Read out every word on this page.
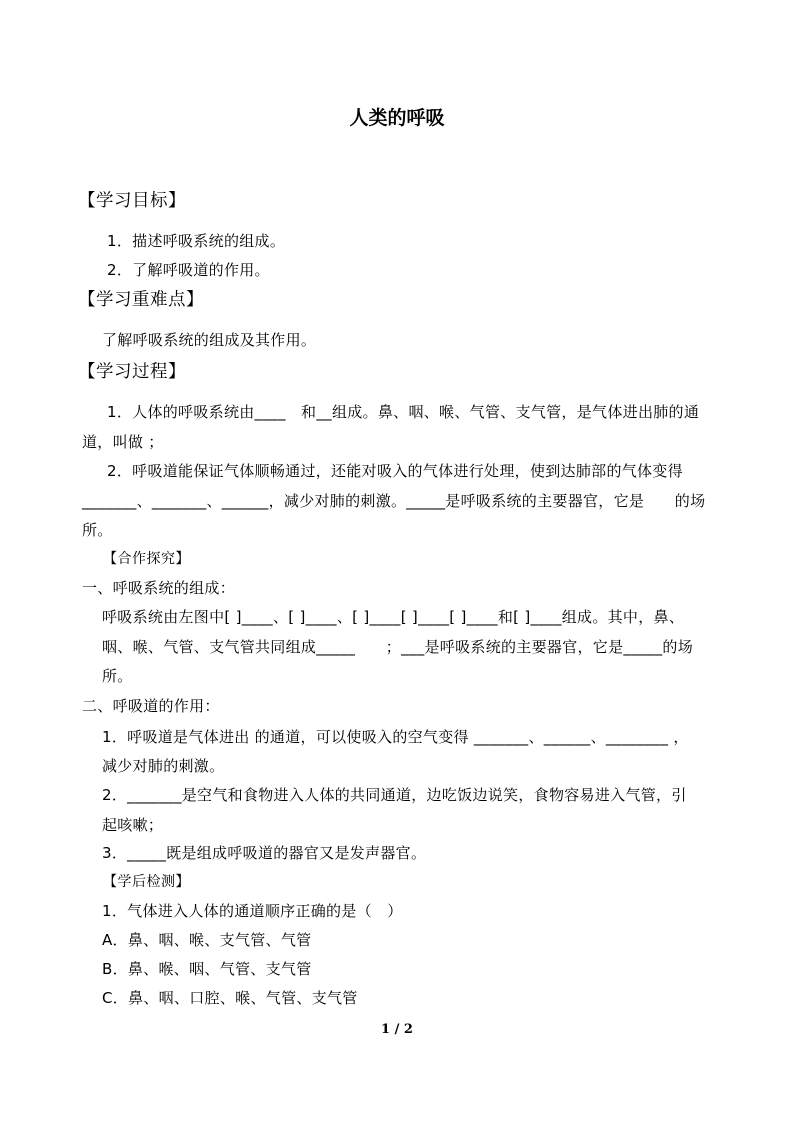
人类的呼吸
【学习目标】
1．描述呼吸系统的组成。
2．了解呼吸道的作用。
【学习重难点】
了解呼吸系统的组成及其作用。
【学习过程】
1．人体的呼吸系统由____　和__组成。鼻、咽、喉、气管、支气管，是气体进出肺的通
道，叫做 ；
2．呼吸道能保证气体顺畅通过，还能对吸入的气体进行处理，使到达肺部的气体变得
_______、_______、______，减少对肺的刺激。_____是呼吸系统的主要器官，它是　　的场
所。
【合作探究】
一、呼吸系统的组成：
呼吸系统由左图中[ ]____、[ ]____、[ ]____[ ]____[ ]____和[ ]____组成。其中，鼻、
咽、喉、气管、支气管共同组成_____　　；___是呼吸系统的主要器官，它是_____的场
所。
二、呼吸道的作用：
1．呼吸道是气体进出 的通道，可以使吸入的空气变得 _______、______、________ ，
减少对肺的刺激。
2．_______是空气和食物进入人体的共同通道，边吃饭边说笑，食物容易进入气管，引
起咳嗽；
3．_____既是组成呼吸道的器官又是发声器官。
【学后检测】
1．气体进入人体的通道顺序正确的是（　）
A．鼻、咽、喉、支气管、气管
B．鼻、喉、咽、气管、支气管
C．鼻、咽、口腔、喉、气管、支气管
1 / 2
